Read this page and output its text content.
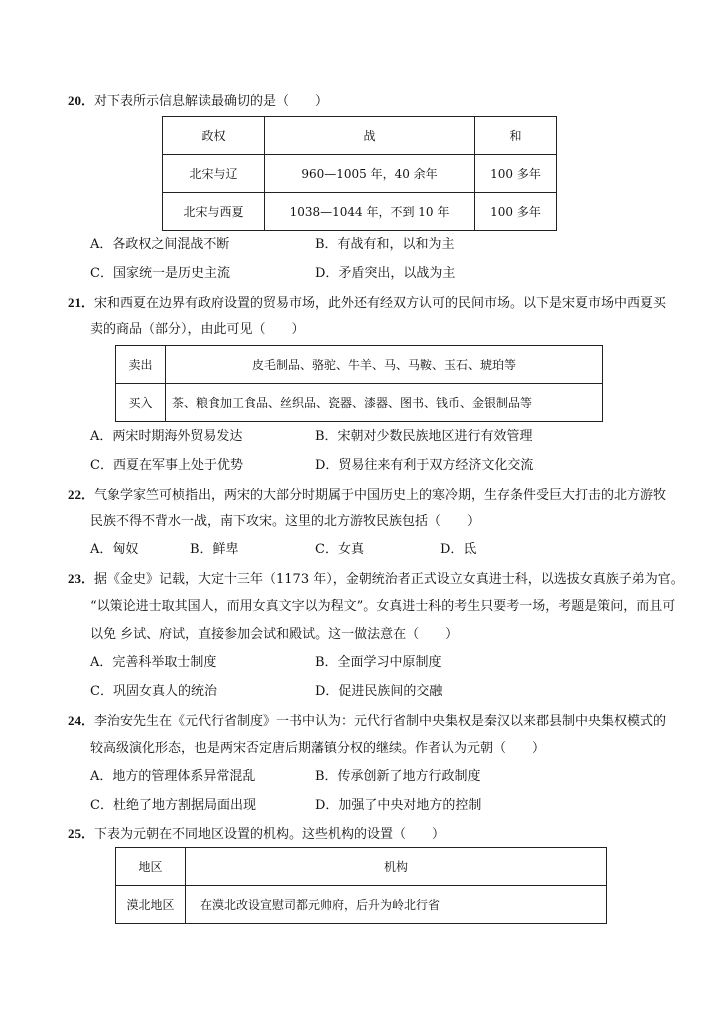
20．对下表所示信息解读最确切的是（　　）
政权	战	和
北宋与辽	960—1005 年，40 余年	100 多年
北宋与西夏	1038—1044 年，不到 10 年	100 多年
A．各政权之间混战不断	B．有战有和，以和为主
C．国家统一是历史主流	D．矛盾突出，以战为主
21．宋和西夏在边界有政府设置的贸易市场，此外还有经双方认可的民间市场。以下是宋夏市场中西夏买
卖的商品（部分），由此可见（　　）
卖出	皮毛制品、骆驼、牛羊、马、马鞍、玉石、琥珀等
买入	茶、粮食加工食品、丝织品、瓷器、漆器、图书、钱币、金银制品等
A．两宋时期海外贸易发达	B．宋朝对少数民族地区进行有效管理
C．西夏在军事上处于优势	D．贸易往来有利于双方经济文化交流
22．气象学家竺可桢指出，两宋的大部分时期属于中国历史上的寒冷期，生存条件受巨大打击的北方游牧
民族不得不背水一战，南下攻宋。这里的北方游牧民族包括（　　）
A．匈奴	B．鲜卑	C．女真	D．氐
23．据《金史》记载，大定十三年（1173 年），金朝统治者正式设立女真进士科，以选拔女真族子弟为官。
“以策论进士取其国人，而用女真文字以为程文”。女真进士科的考生只要考一场，考题是策问，而且可
以免 乡试、府试，直接参加会试和殿试。这一做法意在（　　）
A．完善科举取士制度	B．全面学习中原制度
C．巩固女真人的统治	D．促进民族间的交融
24．李治安先生在《元代行省制度》一书中认为：元代行省制中央集权是秦汉以来郡县制中央集权模式的
较高级演化形态，也是两宋否定唐后期藩镇分权的继续。作者认为元朝（　　）
A．地方的管理体系异常混乱	B．传承创新了地方行政制度
C．杜绝了地方割据局面出现	D．加强了中央对地方的控制
25．下表为元朝在不同地区设置的机构。这些机构的设置（　　）
地区	机构
漠北地区	在漠北改设宣慰司都元帅府，后升为岭北行省
